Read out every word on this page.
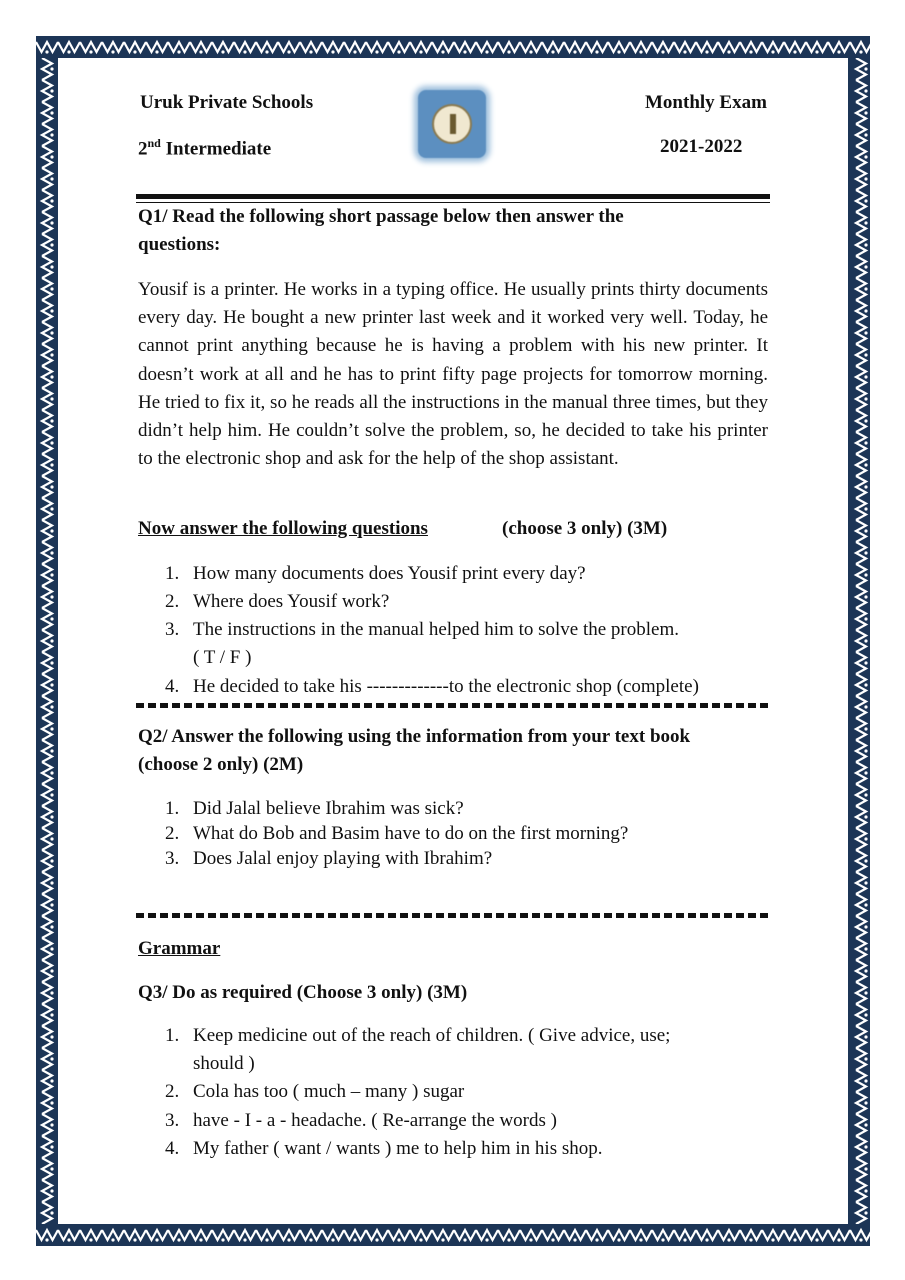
Uruk Private Schools
2nd Intermediate
Monthly Exam
2021-2022
Q1/ Read the following short passage below then answer the
questions:
Yousif is a printer. He works in a typing office. He usually prints thirty documents every day. He bought a new printer last week and it worked very well. Today, he cannot print anything because he is having a problem with his new printer. It doesn’t work at all and he has to print fifty page projects for tomorrow morning. He tried to fix it, so he reads all the instructions in the manual three times, but they didn’t help him. He couldn’t solve the problem, so, he decided to take his printer to the electronic shop and ask for the help of the shop assistant.
Now answer the following questions	(choose 3 only) (3M)
1. How many documents does Yousif print every day?
2. Where does Yousif work?
3. The instructions in the manual helped him to solve the problem.
( T / F )
4. He decided to take his -------------to the electronic shop (complete)
Q2/ Answer the following using the information from your text book
(choose 2 only) (2M)
1. Did Jalal believe Ibrahim was sick?
2. What do Bob and Basim have to do on the first morning?
3. Does Jalal enjoy playing with Ibrahim?
Grammar
Q3/ Do as required (Choose 3 only) (3M)
1. Keep medicine out of the reach of children. ( Give advice, use;
should )
2. Cola has too ( much – many ) sugar
3. have - I - a - headache. ( Re-arrange the words )
4. My father ( want / wants ) me to help him in his shop.
